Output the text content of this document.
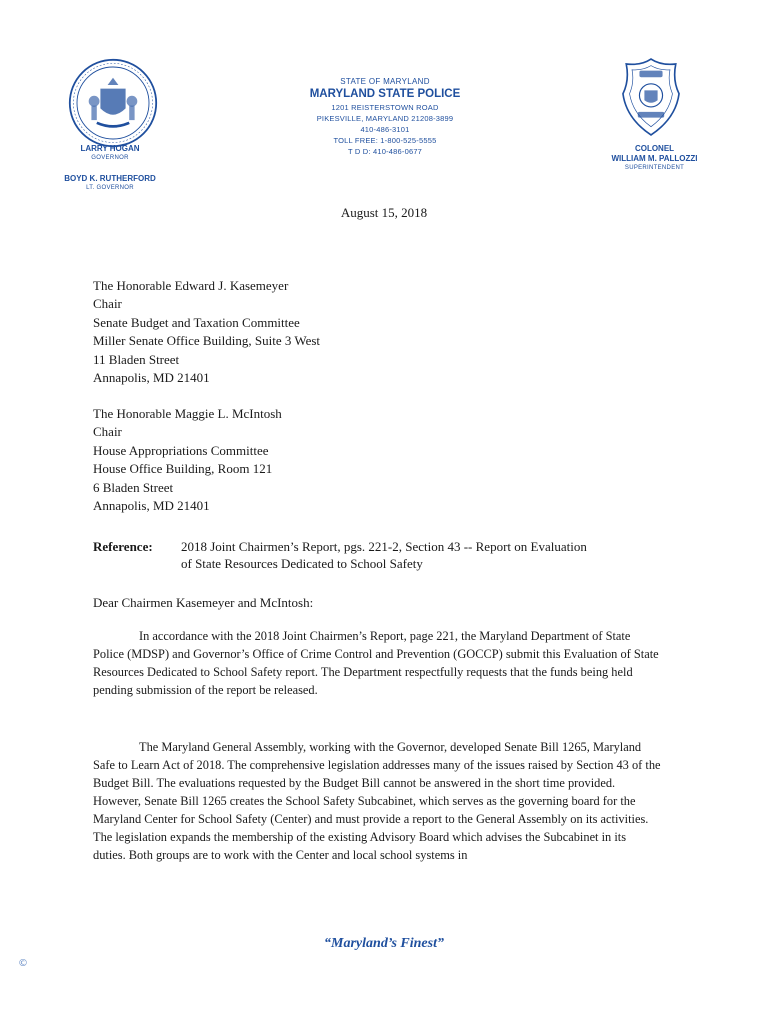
LARRY HOGAN
GOVERNOR
BOYD K. RUTHERFORD
LT. GOVERNOR
STATE OF MARYLAND
MARYLAND STATE POLICE
1201 REISTERSTOWN ROAD
PIKESVILLE, MARYLAND 21208-3899
410-486-3101
TOLL FREE: 1-800-525-5555
T D D: 410-486-0677	COLONEL
WILLIAM M. PALLOZZI
SUPERINTENDENT
August 15, 2018
The Honorable Edward J. Kasemeyer
Chair
Senate Budget and Taxation Committee
Miller Senate Office Building, Suite 3 West
11 Bladen Street
Annapolis, MD 21401
The Honorable Maggie L. McIntosh
Chair
House Appropriations Committee
House Office Building, Room 121
6 Bladen Street
Annapolis, MD 21401
Reference: 2018 Joint Chairmen’s Report, pgs. 221-2, Section 43 -- Report on Evaluation
of State Resources Dedicated to School Safety
Dear Chairmen Kasemeyer and McIntosh:
In accordance with the 2018 Joint Chairmen’s Report, page 221, the Maryland Department of State Police (MDSP) and Governor’s Office of Crime Control and Prevention (GOCCP) submit this Evaluation of State Resources Dedicated to School Safety report. The Department respectfully requests that the funds being held pending submission of the report be released.
The Maryland General Assembly, working with the Governor, developed Senate Bill 1265, Maryland Safe to Learn Act of 2018. The comprehensive legislation addresses many of the issues raised by Section 43 of the Budget Bill. The evaluations requested by the Budget Bill cannot be answered in the short time provided. However, Senate Bill 1265 creates the School Safety Subcabinet, which serves as the governing board for the Maryland Center for School Safety (Center) and must provide a report to the General Assembly on its activities. The legislation expands the membership of the existing Advisory Board which advises the Subcabinet in its duties. Both groups are to work with the Center and local school systems in
“Maryland’s Finest”
©
